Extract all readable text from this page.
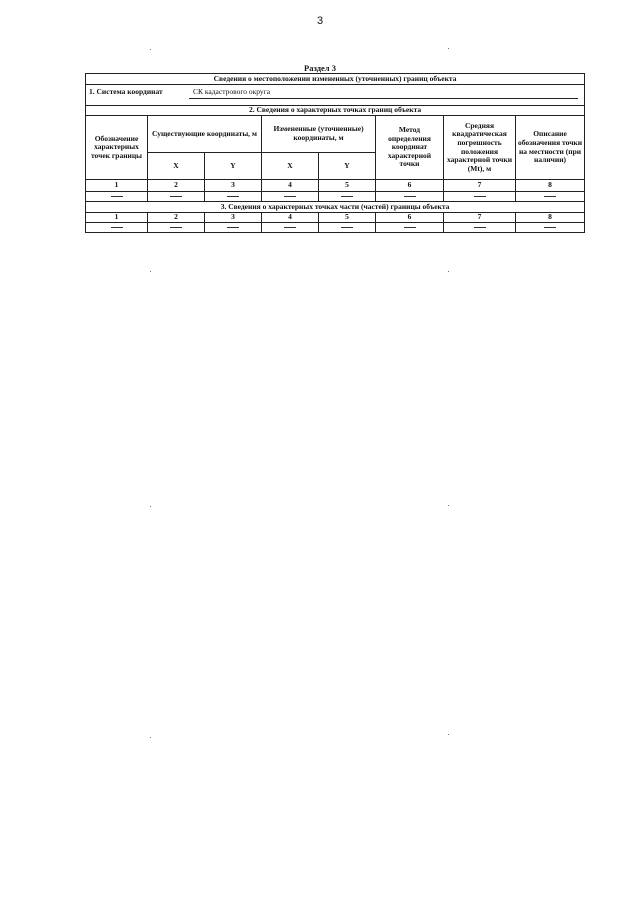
3
Раздел 3
Сведения о местоположении измененных (уточненных) границ объекта							

1. Система координат СК кадастрового округа							

2. Сведения о характерных точках границ объекта							
Обозначение характерных точек границы	Существующие координаты, м		Измененные (уточненные) координаты, м		Метод определения координат характерной точки	Средняя квадратическая погрешность положения характерной точки (Mt), м	Описание обозначения точки на местности (при наличии)
	X	Y	X	Y			
1	2	3	4	5	6	7	8

3. Сведения о характерных точках части (частей) границы объекта							
1	2	3	4	5	6	7	8
